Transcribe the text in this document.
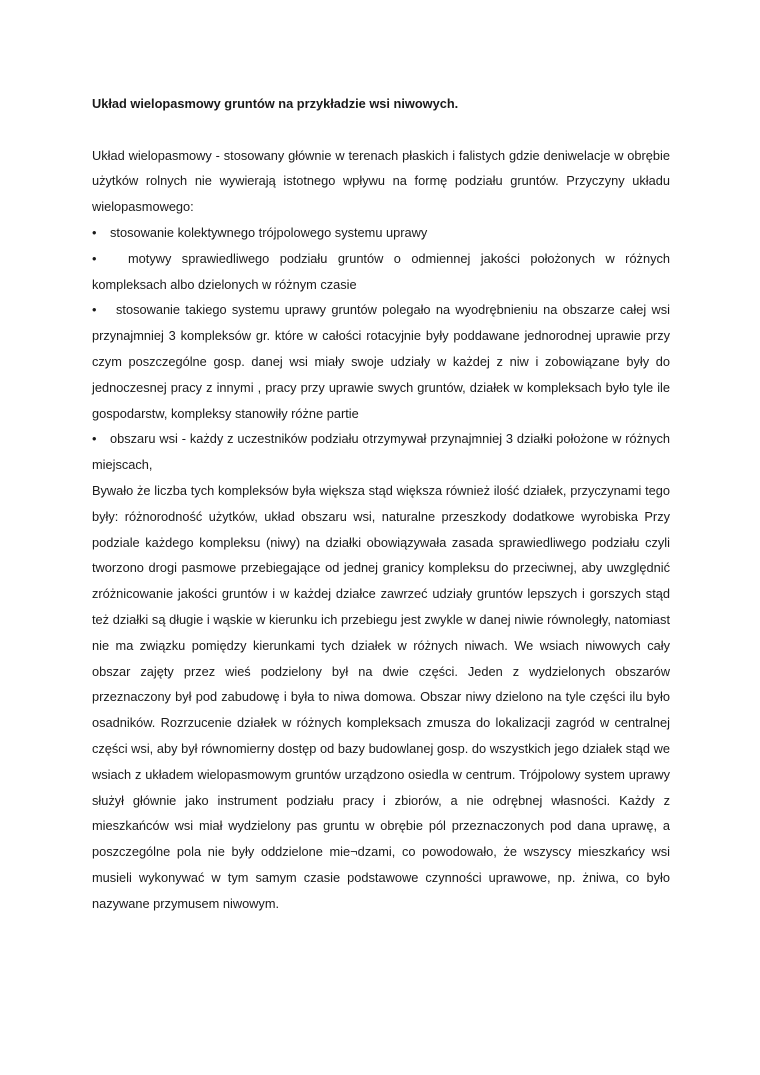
Układ wielopasmowy gruntów na przykładzie wsi niwowych.

Układ wielopasmowy - stosowany głównie w terenach płaskich i falistych gdzie deniwelacje w obrębie użytków rolnych nie wywierają istotnego wpływu na formę podziału gruntów. Przyczyny układu wielopasmowego:

• stosowanie kolektywnego trójpolowego systemu uprawy
• motywy sprawiedliwego podziału gruntów o odmiennej jakości położonych w różnych kompleksach albo dzielonych w różnym czasie
• stosowanie takiego systemu uprawy gruntów polegało na wyodrębnieniu na obszarze całej wsi przynajmniej 3 kompleksów gr. które w całości rotacyjnie były poddawane jednorodnej uprawie przy czym poszczególne gosp. danej wsi miały swoje udziały w każdej z niw i zobowiązane były do jednoczesnej pracy z innymi , pracy przy uprawie swych gruntów, działek w kompleksach było tyle ile gospodarstw, kompleksy stanowiły różne partie
• obszaru wsi - każdy z uczestników podziału otrzymywał przynajmniej 3 działki położone w różnych miejscach,

Bywało że liczba tych kompleksów była większa stąd większa również ilość działek, przyczynami tego były: różnorodność użytków, układ obszaru wsi, naturalne przeszkody dodatkowe wyrobiska Przy podziale każdego kompleksu (niwy) na działki obowiązywała zasada sprawiedliwego podziału czyli tworzono drogi pasmowe przebiegające od jednej granicy kompleksu do przeciwnej, aby uwzględnić zróżnicowanie jakości gruntów i w każdej działce zawrzeć udziały gruntów lepszych i gorszych stąd też działki są długie i wąskie w kierunku ich przebiegu jest zwykle w danej niwie równoległy, natomiast nie ma związku pomiędzy kierunkami tych działek w różnych niwach. We wsiach niwowych cały obszar zajęty przez wieś podzielony był na dwie części. Jeden z wydzielonych obszarów przeznaczony był pod zabudowę i była to niwa domowa. Obszar niwy dzielono na tyle części ilu było osadników. Rozrzucenie działek w różnych kompleksach zmusza do lokalizacji zagród w centralnej części wsi, aby był równomierny dostęp od bazy budowlanej gosp. do wszystkich jego działek stąd we wsiach z układem wielopasmowym gruntów urządzono osiedla w centrum. Trójpolowy system uprawy służył głównie jako instrument podziału pracy i zbiorów, a nie odrębnej własności. Każdy z mieszkańców wsi miał wydzielony pas gruntu w obrębie pól przeznaczonych pod dana uprawę, a poszczególne pola nie były oddzielone mie¬dzami, co powodowało, że wszyscy mieszkańcy wsi musieli wykonywać w tym samym czasie podstawowe czynności uprawowe, np. żniwa, co było nazywane przymusem niwowym.
